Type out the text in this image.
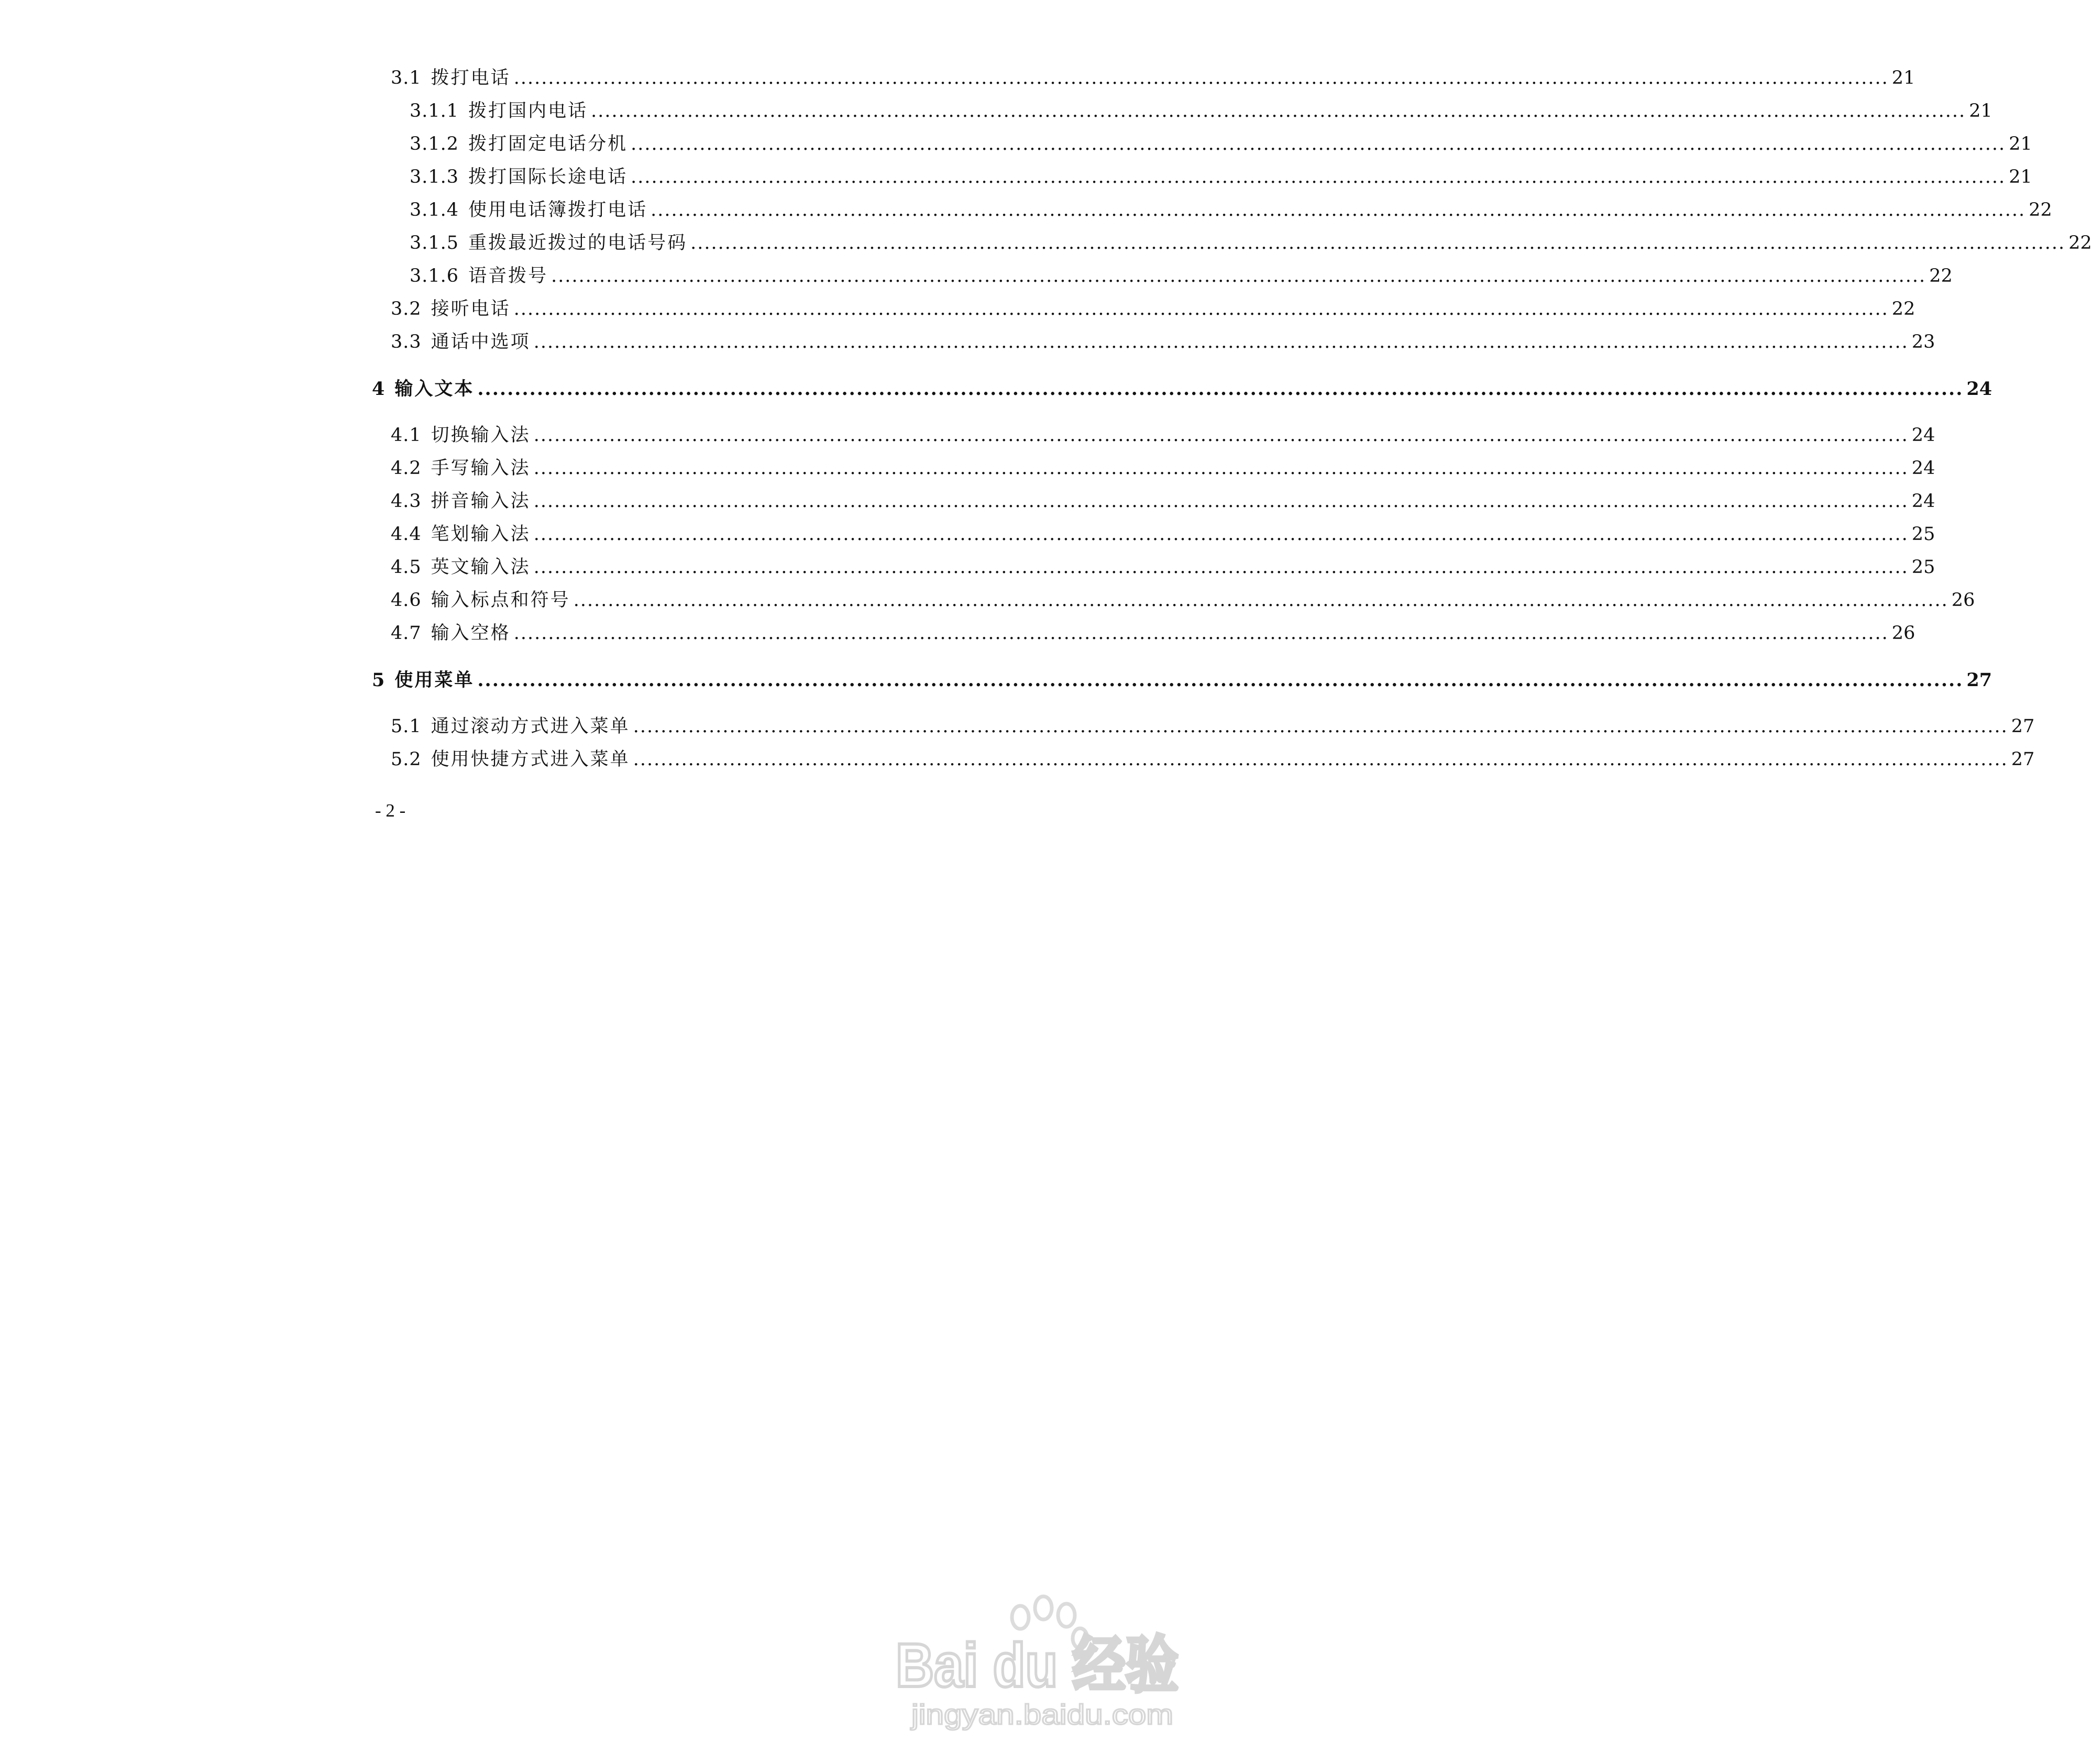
3.1 拨打电话 .....	21
3.1.1 拨打国内电话 .....	21
3.1.2 拨打固定电话分机 .....	21
3.1.3 拨打国际长途电话 .....	21
3.1.4 使用电话簿拨打电话 .....	22
3.1.5 重拨最近拨过的电话号码 .....	22
3.1.6 语音拨号 .....	22
3.2 接听电话 .....	22
3.3 通话中选项 .....	23
4 输入文本 .....	24
4.1 切换输入法 .....	24
4.2 手写输入法 .....	24
4.3 拼音输入法 .....	24
4.4 笔划输入法 .....	25
4.5 英文输入法 .....	25
4.6 输入标点和符号 .....	26
4.7 输入空格 .....	26
5 使用菜单 .....	27
5.1 通过滚动方式进入菜单 .....	27
5.2 使用快捷方式进入菜单 .....	27
- 2 -
Bai du 经验
jingyan.baidu.com
